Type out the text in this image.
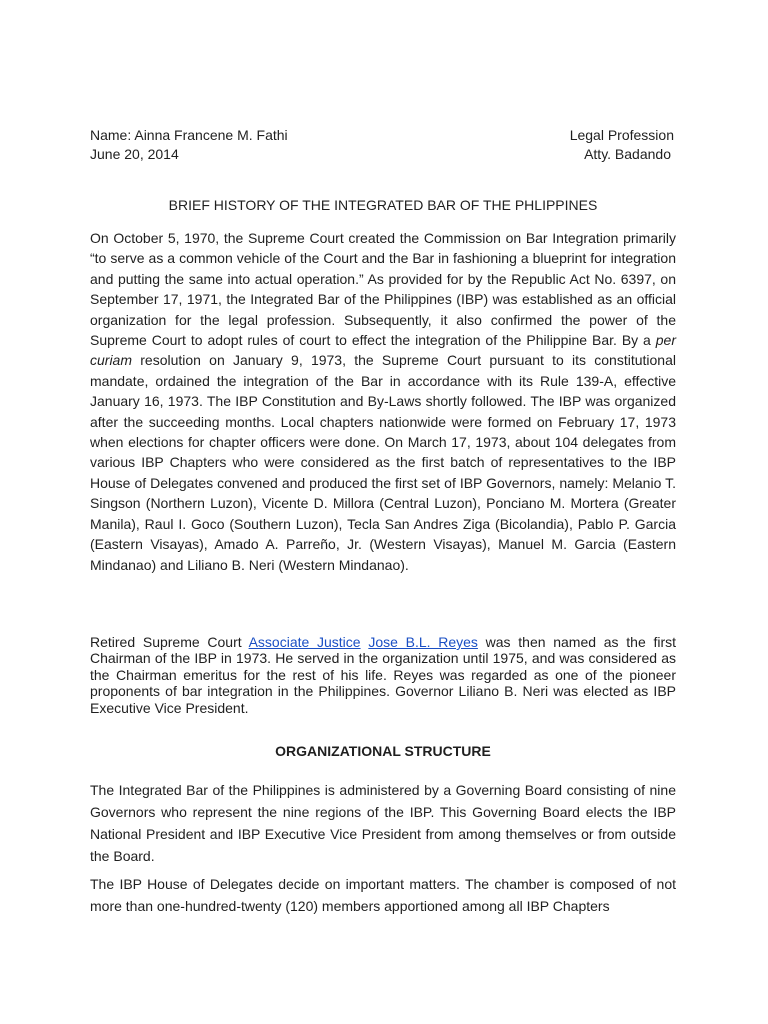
Name: Ainna Francene M. Fathi
June 20, 2014
Legal Profession
Atty. Badando
BRIEF HISTORY OF THE INTEGRATED BAR OF THE PHLIPPINES

On October 5, 1970, the Supreme Court created the Commission on Bar Integration primarily “to serve as a common vehicle of the Court and the Bar in fashioning a blueprint for integration and putting the same into actual operation.” As provided for by the Republic Act No. 6397, on September 17, 1971, the Integrated Bar of the Philippines (IBP) was established as an official organization for the legal profession. Subsequently, it also confirmed the power of the Supreme Court to adopt rules of court to effect the integration of the Philippine Bar. By a per curiam resolution on January 9, 1973, the Supreme Court pursuant to its constitutional mandate, ordained the integration of the Bar in accordance with its Rule 139-A, effective January 16, 1973. The IBP Constitution and By-Laws shortly followed. The IBP was organized after the succeeding months. Local chapters nationwide were formed on February 17, 1973 when elections for chapter officers were done. On March 17, 1973, about 104 delegates from various IBP Chapters who were considered as the first batch of representatives to the IBP House of Delegates convened and produced the first set of IBP Governors, namely: Melanio T. Singson (Northern Luzon), Vicente D. Millora (Central Luzon), Ponciano M. Mortera (Greater Manila), Raul I. Goco (Southern Luzon), Tecla San Andres Ziga (Bicolandia), Pablo P. Garcia (Eastern Visayas), Amado A. Parreño, Jr. (Western Visayas), Manuel M. Garcia (Eastern Mindanao) and Liliano B. Neri (Western Mindanao).

Retired Supreme Court Associate Justice Jose B.L. Reyes was then named as the first Chairman of the IBP in 1973. He served in the organization until 1975, and was considered as the Chairman emeritus for the rest of his life. Reyes was regarded as one of the pioneer proponents of bar integration in the Philippines. Governor Liliano B. Neri was elected as IBP Executive Vice President.

ORGANIZATIONAL STRUCTURE

The Integrated Bar of the Philippines is administered by a Governing Board consisting of nine Governors who represent the nine regions of the IBP. This Governing Board elects the IBP National President and IBP Executive Vice President from among themselves or from outside the Board.

The IBP House of Delegates decide on important matters. The chamber is composed of not more than one-hundred-twenty (120) members apportioned among all IBP Chapters
